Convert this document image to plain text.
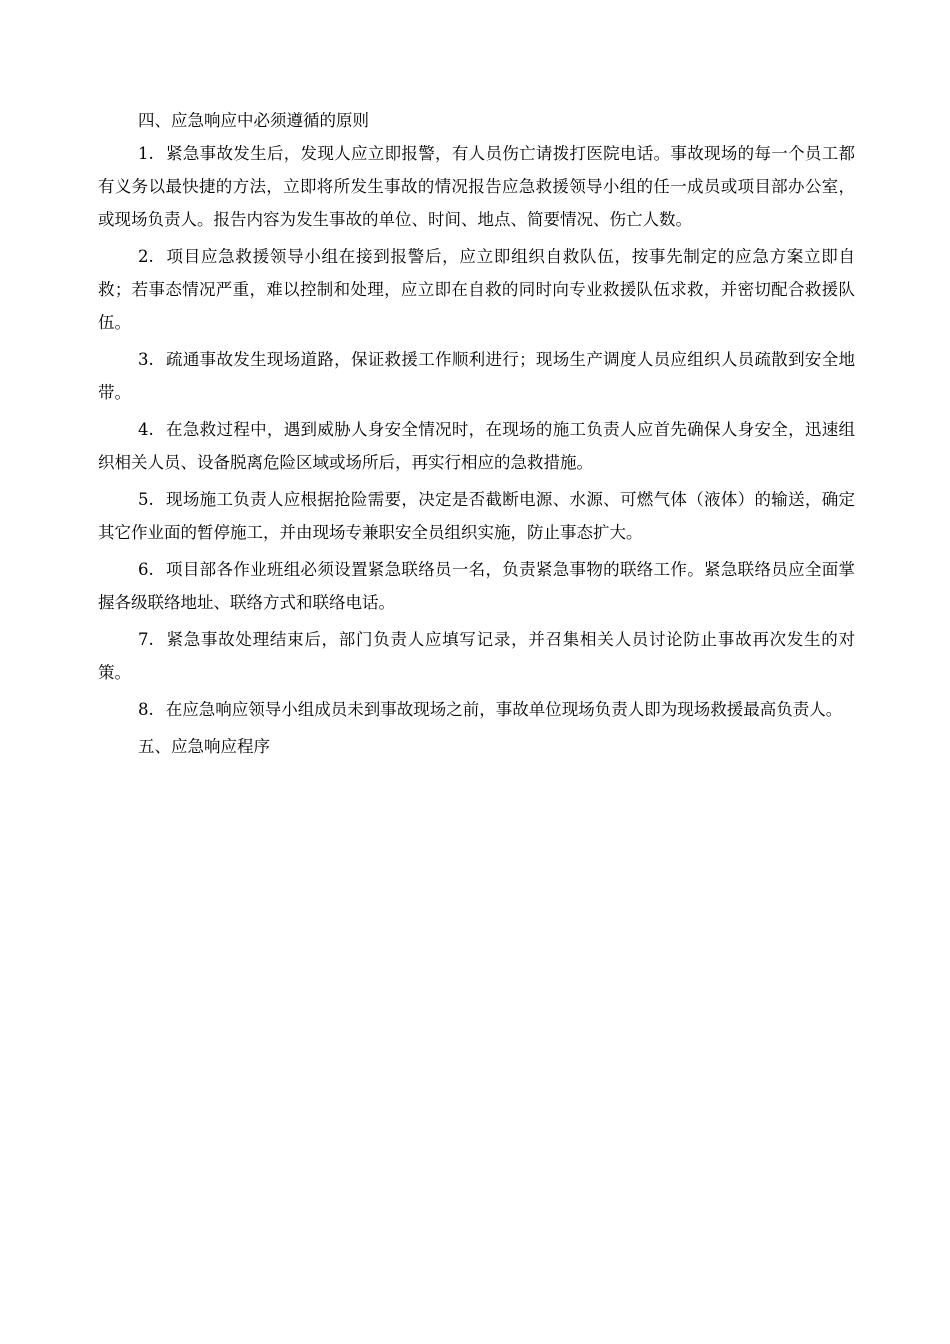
四、应急响应中必须遵循的原则

1. 紧急事故发生后，发现人应立即报警，有人员伤亡请拨打医院电话。事故现场的每一个员工都有义务以最快捷的方法，立即将所发生事故的情况报告应急救援领导小组的任一成员或项目部办公室，或现场负责人。报告内容为发生事故的单位、时间、地点、简要情况、伤亡人数。

2. 项目应急救援领导小组在接到报警后，应立即组织自救队伍，按事先制定的应急方案立即自救；若事态情况严重，难以控制和处理，应立即在自救的同时向专业救援队伍求救，并密切配合救援队伍。

3. 疏通事故发生现场道路，保证救援工作顺利进行；现场生产调度人员应组织人员疏散到安全地带。

4. 在急救过程中，遇到威胁人身安全情况时，在现场的施工负责人应首先确保人身安全，迅速组织相关人员、设备脱离危险区域或场所后，再实行相应的急救措施。

5. 现场施工负责人应根据抢险需要，决定是否截断电源、水源、可燃气体（液体）的输送，确定其它作业面的暂停施工，并由现场专兼职安全员组织实施，防止事态扩大。

6. 项目部各作业班组必须设置紧急联络员一名，负责紧急事物的联络工作。紧急联络员应全面掌握各级联络地址、联络方式和联络电话。

7. 紧急事故处理结束后，部门负责人应填写记录，并召集相关人员讨论防止事故再次发生的对策。

8. 在应急响应领导小组成员未到事故现场之前，事故单位现场负责人即为现场救援最高负责人。

五、应急响应程序
